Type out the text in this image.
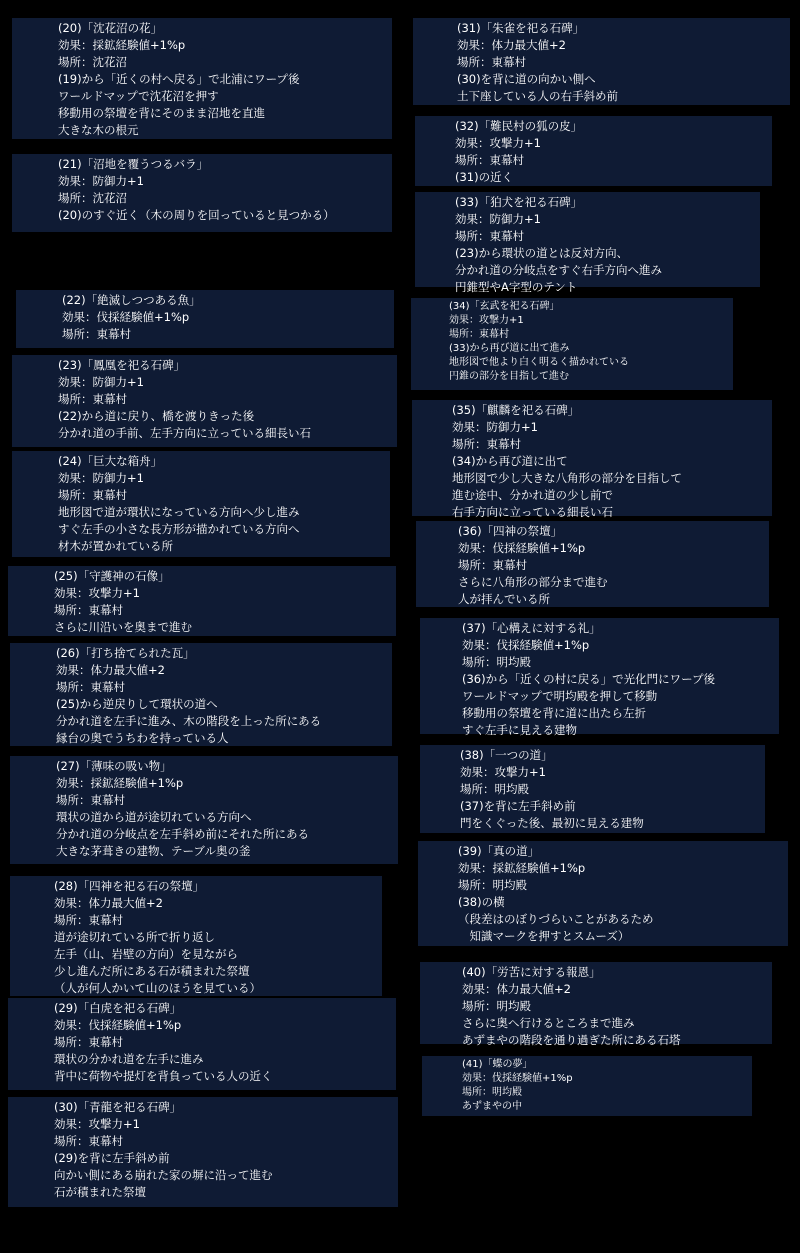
(20)「沈花沼の花」
効果：採鉱経験値+1%p
場所：沈花沼
(19)から「近くの村へ戻る」で北浦にワープ後
ワールドマップで沈花沼を押す
移動用の祭壇を背にそのまま沼地を直進
大きな木の根元
(21)「沼地を覆うつるバラ」
効果：防御力+1
場所：沈花沼
(20)のすぐ近く（木の周りを回っていると見つかる）
(22)「絶滅しつつある魚」
効果：伐採経験値+1%p
場所：東幕村
(23)「鳳凰を祀る石碑」
効果：防御力+1
場所：東幕村
(22)から道に戻り、橋を渡りきった後
分かれ道の手前、左手方向に立っている細長い石
(24)「巨大な箱舟」
効果：防御力+1
場所：東幕村
地形図で道が環状になっている方向へ少し進み
すぐ左手の小さな長方形が描かれている方向へ
材木が置かれている所
(25)「守護神の石像」
効果：攻撃力+1
場所：東幕村
さらに川沿いを奥まで進む
(26)「打ち捨てられた瓦」
効果：体力最大値+2
場所：東幕村
(25)から逆戻りして環状の道へ
分かれ道を左手に進み、木の階段を上った所にある
縁台の奥でうちわを持っている人
(27)「薄味の吸い物」
効果：採鉱経験値+1%p
場所：東幕村
環状の道から道が途切れている方向へ
分かれ道の分岐点を左手斜め前にそれた所にある
大きな茅葺きの建物、テーブル奥の釜
(28)「四神を祀る石の祭壇」
効果：体力最大値+2
場所：東幕村
道が途切れている所で折り返し
左手（山、岩壁の方向）を見ながら
少し進んだ所にある石が積まれた祭壇
（人が何人かいて山のほうを見ている）
(29)「白虎を祀る石碑」
効果：伐採経験値+1%p
場所：東幕村
環状の分かれ道を左手に進み
背中に荷物や提灯を背負っている人の近く
(30)「青龍を祀る石碑」
効果：攻撃力+1
場所：東幕村
(29)を背に左手斜め前
向かい側にある崩れた家の塀に沿って進む
石が積まれた祭壇
(31)「朱雀を祀る石碑」
効果：体力最大値+2
場所：東幕村
(30)を背に道の向かい側へ
土下座している人の右手斜め前
(32)「難民村の狐の皮」
効果：攻撃力+1
場所：東幕村
(31)の近く
(33)「狛犬を祀る石碑」
効果：防御力+1
場所：東幕村
(23)から環状の道とは反対方向、
分かれ道の分岐点をすぐ右手方向へ進み
円錐型やA字型のテント
(34)「玄武を祀る石碑」
効果：攻撃力+1
場所：東幕村
(33)から再び道に出て進み
地形図で他より白く明るく描かれている
円錐の部分を目指して進む
(35)「麒麟を祀る石碑」
効果：防御力+1
場所：東幕村
(34)から再び道に出て
地形図で少し大きな八角形の部分を目指して
進む途中、分かれ道の少し前で
右手方向に立っている細長い石
(36)「四神の祭壇」
効果：伐採経験値+1%p
場所：東幕村
さらに八角形の部分まで進む
人が拝んでいる所
(37)「心構えに対する礼」
効果：伐採経験値+1%p
場所：明均殿
(36)から「近くの村に戻る」で光化門にワープ後
ワールドマップで明均殿を押して移動
移動用の祭壇を背に道に出たら左折
すぐ左手に見える建物
(38)「一つの道」
効果：攻撃力+1
場所：明均殿
(37)を背に左手斜め前
門をくぐった後、最初に見える建物
(39)「真の道」
効果：採鉱経験値+1%p
場所：明均殿
(38)の横
（段差はのぼりづらいことがあるため
　知識マークを押すとスムーズ）
(40)「労苦に対する報恩」
効果：体力最大値+2
場所：明均殿
さらに奥へ行けるところまで進み
あずまやの階段を通り過ぎた所にある石塔
(41)「蝶の夢」
効果：伐採経験値+1%p
場所：明均殿
あずまやの中
